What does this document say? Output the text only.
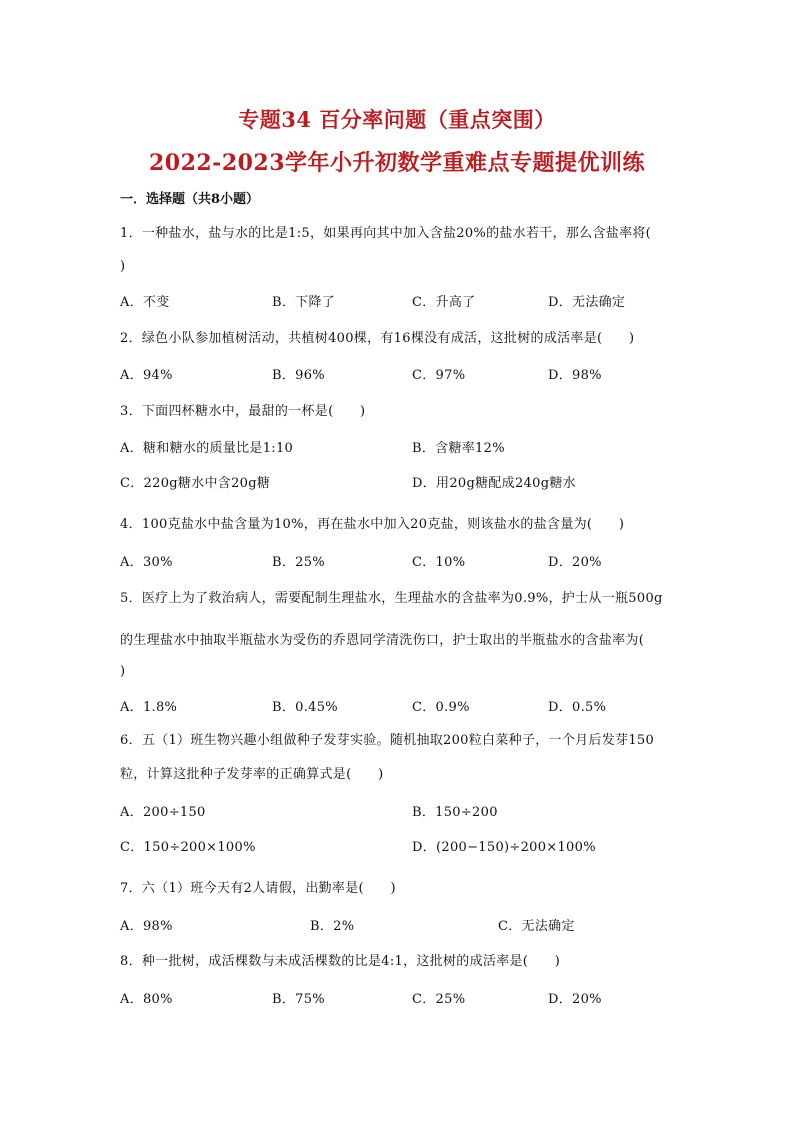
专题34 百分率问题（重点突围）
2022-2023学年小升初数学重难点专题提优训练
一．选择题（共8小题）
1．一种盐水，盐与水的比是1:5，如果再向其中加入含盐20%的盐水若干，那么含盐率将(
)
A．不变	B．下降了	C．升高了	D．无法确定
2．绿色小队参加植树活动，共植树400棵，有16棵没有成活，这批树的成活率是(　　)
A．94%	B．96%	C．97%	D．98%
3．下面四杯糖水中，最甜的一杯是(　　)
A．糖和糖水的质量比是1:10	B．含糖率12%
C．220g糖水中含20g糖	D．用20g糖配成240g糖水
4．100克盐水中盐含量为10%，再在盐水中加入20克盐，则该盐水的盐含量为(　　)
A．30%	B．25%	C．10%	D．20%
5．医疗上为了救治病人，需要配制生理盐水，生理盐水的含盐率为0.9%，护士从一瓶500g
的生理盐水中抽取半瓶盐水为受伤的乔恩同学清洗伤口，护士取出的半瓶盐水的含盐率为(
)
A．1.8%	B．0.45%	C．0.9%	D．0.5%
6．五（1）班生物兴趣小组做种子发芽实验。随机抽取200粒白菜种子，一个月后发芽150
粒，计算这批种子发芽率的正确算式是(　　)
A．200÷150	B．150÷200
C．150÷200×100%	D．(200−150)÷200×100%
7．六（1）班今天有2人请假，出勤率是(　　)
A．98%	B．2%	C．无法确定
8．种一批树，成活棵数与未成活棵数的比是4:1，这批树的成活率是(　　)
A．80%	B．75%	C．25%	D．20%
